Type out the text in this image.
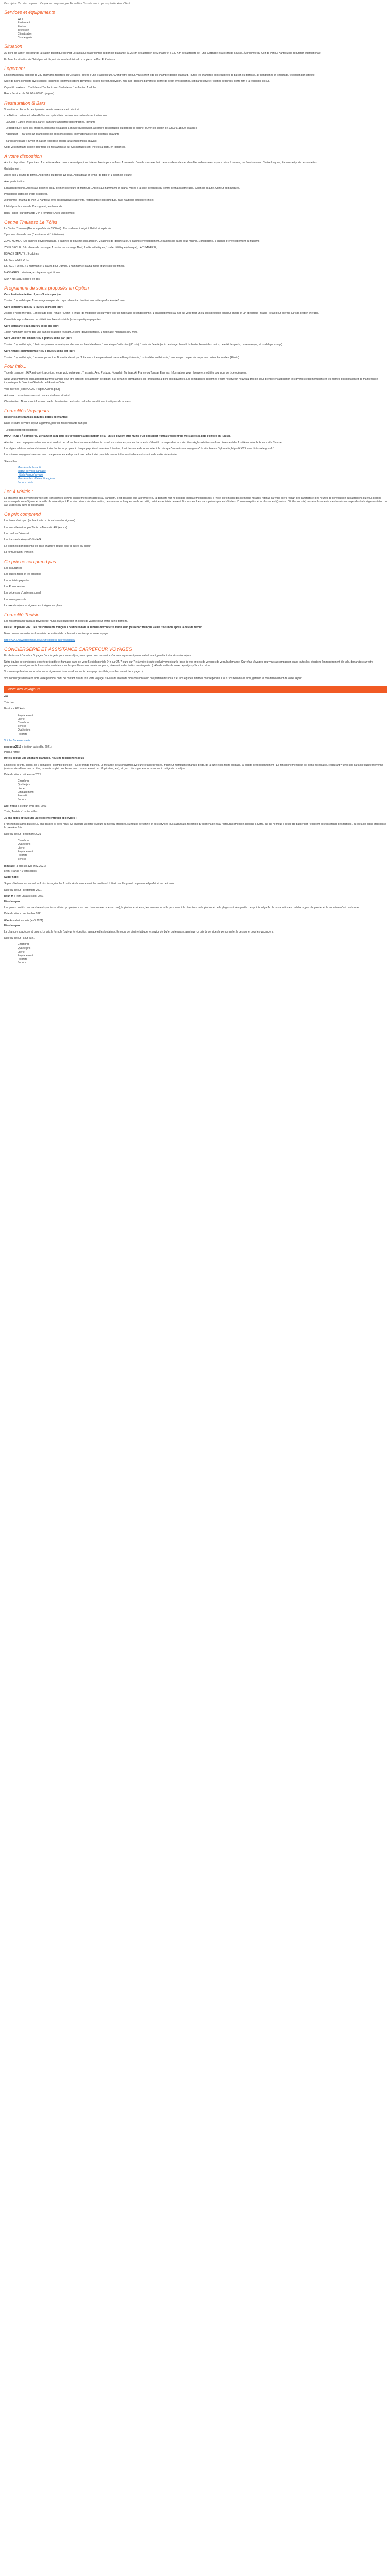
Description Ce prix comprend : Ce prix ne comprend pas Formalités Conseils que Loge hospitalier Avec Client

Services et équipements
• WIFI
• Restaurant
• Piscine
• Télévision
• Climatisation
• Conciergerie
Situation

Au bord de la mer, au cœur de la station touristique de Port El Kantaoui et à proximité du port de plaisance. À 25 Km de l'aéroport de Monastir et à 130 Km de l'aéroport de Tunis Carthage et à 8 Km de Sousse. À proximité du Golf de Port El Kantaoui de réputation internationale.

En face, La situation de l'hôtel permet de jouir de tous les loisirs du complexe de Port El Kantaoui.

Logement

L'hôtel Hasdrubal dispose de 230 chambres réparties sur 3 étages, dotées d'une 2 ascenseurs. Grand votre séjour, vous serez logé en chambre double standard. Toutes les chambres sont équipées de balcon ou terrasse, air conditionné et chauffage, télévision par satellite.

Salle de bains complète avec séchoir, téléphone (communications payantes), accès internet, télévision, mini bar (boissons payantes), coffre de dépôt avec peignoir, set bar réserve et toilettes séparées, coffre fort à la réception en sus.

Capacité maximum : 2 adultes et 2 enfant - ou - 3 adultes et 1 enfant ou 1 adulte

Room Service : de 06h00 à 00h00. (payant)

Restauration & Bars

Vous êtes en Formule demi-pension servie au restaurant principal.

- Le Neliza : restaurant table d'hôtes aux spécialités cuisines internationales et tunisiennes.

- La Gioia : Caffèe shop; si la carte : dans une ambiance décontractée. (payant)

- Le Barbeque : avec ses grillades, poissons et salades à l'heure du déjeuner, à l'ombre des parasols au bord de la piscine; ouvert en saison de 12h00 à 15h00. (payant)

- Hasdrubar : - Bar avec un grand choix de boissons locales, internationales et de cocktails. (payant)

- Bar piscine plage : ouvert en saison : propose divers rafraîchissements. (payant)

Code vestimentaire exigée pour tous les restaurants à sur-Ces horaires sont (notées à partir, en parlance).

A votre disposition

A votre disposition : 2 piscines : 1 extérieure d'eau douce semi-olympique doté un bassin pour enfants, 1 couverte d'eau de mer avec bain remous d'eau de mer chauffée en hiver avec espace bains à remous, un Solarium avec Chaise longues, Parasols et porte de serviettes.

Gratuitement :

Accès aux 3 courts de tennis, Au proche du golf de 13 trous. Au plateaux et tennis de table et 1 salon de lecture.

Avec participation :

Location de tennis. Accès aux piscines d'eau de mer extérieure et intérieure., Accès aux hammams et sauna, Accès à la salle de fitness du centre de thalassothérapie, Salon de beauté, Coiffeur et Boutiques.

Principales cartes de crédit acceptées.

A proximité : marina de Port El Kantaoui avec ses boutiques superette, restaurants et discothèque, Base nautique extérieure l'hôtel.

L'hôtel pour le moins de 2 ans gratuit, au demande

Baby - sitter : sur demande 24h à l'avance ; Avec Supplément

Centre Thalasso Le Tôlès

Le Centre Thalasso (D'une superficie de 1500 m²) offre moderne, intégré à l'hôtel, équipée de :

2 piscines d'eau de mer (1 extérieure et 1 intérieure).

ZONE HUMIDE : 25 cabines d'hydromassage, 5 cabines de douche sous affusion, 2 cabines de douche à jet, 6 cabines enveloppement, 2 cabines de bains sous marine, 1 phlebotime, 5 cabines d'enveloppement au fluinsmo.

ZONE SECHE : 16 cabines de massage, 1 cabine de massage Thaï, 1 salle esthétiques, 1 salle diététique(ethnique), LA TISANERIE,

ESPACE BEAUTE : 9 cabines.

ESPACE COIFFURE.

ESPACE FORME : 1 hammam et 1 sauna pour Dames, 1 hammam et sauna mixte et une salle de fitness.

MASSAGES : orientaux, exotiques et spécifiques.

SPA HYDRATE: sodiq's en dos.

Programme de soins proposés en Option

Cure Revitalisante 6 ou 5 jours/5 soins par jour :

2 soins d'hydrothérapie, 1 modelage complet du corps relaxant au tonifiant aux huiles parfumées (40 min).

Cure Minceur 6 ou 5 ou 5 jours/5 soins par jour :

2 soins d'hydro-thérapie, 1 modelage péri - rénale (40 min) à l'huile de modelage fait sur votre tour un modelage décongestionnel, 1 enveloppement au Bar sur votre tour un ou soit spécifique Minceur Thelge et un spécifique - tracer - relax pour alternel sur spa gestion thérapie.

Consultation possible avec sa diététicien, bien et suivi de (extras) pratique (payante).

Cure Marsilane 4 ou 5 jours/5 soins par jour :

1 bain Hammam alterné par une bain de drainage relaxant, 2 soins d'hydrothérapie, 1 modelage mondanes (60 min).

Cure Emotion au Féminin 4 ou 6 jours/5 soins par jour :

2 soins d'hydro-thérapie, 1 bain aux plantes aromatiques alternant un bain Mandinas, 1 modelage Californien (60 min), 1 soin du Beauté (soin de visage, beauté du buste, beauté des mains, beauté des pieds, pose masque, et modelage visage).

Cure Arthro-Rheumatismale 4 ou 6 jours/5 soins par jour :

2 soins d'hydro-thérapie, 1 enveloppement au Bouturia alterné par 1 Paumenz thérapie alterné par une Fangothérapie, 1 soin d'électro-thérapie, 1 modelage complet du corps aux Huiles Parfumées (40 min).

Pour info...

Type de transport : IATA est opéré, à ce jour, le cas voici opéré par : Transavia, Aero Portugal, Nouvelair, Tunisair, Air France ou Tunisair Express. Informations vous réserve et modifiés pour pour ce type opérateur.

Nous vous informons qu'il aéroport d'arrivée à Paris peut être différent de l'aéroport de départ. Sur certaines compagnies, les prestations à bord sont payantes. Les compagnies aériennes s'étant réservé un nouveau droit de sous prendre en application les diverses réglementations et les normes d'exploitation et de maintenance imposée par la Direction Générale de l'Aviation Civile.

Vols internes ( code OGAC : 46phXXXorea pour)

Animaux : Les animaux ne sont pas admis dans cet hôtel.

Climatisation : Nous vous informons que la climatisation peut selon selon les conditions climatiques du moment.

Formalités Voyageurs

Ressortissants français (adultes, bébés et enfants) :

Dans le cadre de votre séjour la gamme, pour les ressortissants français :

- Le passeport est obligatoire.

IMPORTANT : À compter du 1er janvier 2021 tous les voyageurs à destination de la Tunisie devront être munis d'un passeport français valide trois mois après la date d'entrée en Tunisie.

Attention : les compagnies aériennes sont en droit de refuser l'embarquement dans le cas où vous n'auriez pas les documents d'identité correspondant aux dernières règles relatives au franchissement des frontières entre la France et la Tunisie.

Les règles relatives au franchissement des frontières propres à chaque pays étant amenées à évoluer, il est demandé de se reporter à la rubrique "conseils aux voyageurs" du site France Diplomatie, https://XXXX.www.diplomatie.gouv.fr/

Les mineurs voyageant seuls ou avec une personne ne disposant pas de l'autorité parentale devront être munis d'une autorisation de sortie de territoire.

Sites utiles :

• Ministère de la santé
• Institut de veille sanitaire
• Hôtels France Voyage
• Ministère des affaires étrangères
• Service public
Les 4 vérités :

La présente et la dernière journée sont considérées comme entièrement consacrées au transport. Il est possible que la première ou la dernière nuit ne soit pas intégralement passées à l'hôtel en fonction des créneaux horaires retenus par vols allers-retour, des transferts et des heures de convocation aux aéroports qui vous seront communiqués entre 5 jours et la veille de votre départ. Pour des raisons de sécurisation, des raisons techniques ou de sécurité, certaines activités peuvent être suspendues, sans préavis par les hôteliers. L'hommologation et le classement (nombre d'étoiles ou note) des établissements mentionnés correspondent à la réglementation ou aux usages du pays de destination.

Ce prix comprend

Les taxes d'aéroport (incluant la taxe pic carburant obligatoire)

Les vols aller/retour par Tunis ou Monastir. A/R (en vol)

L'accueil en l'aéroport

Les transferts aéroport/hôtel A/R

Le logement par personne en base chambre double pour la durée du séjour

La formule Demi-Pension

Ce prix ne comprend pas

Les assurances

Les autres repas et les boissons

Les activités payantes

Les Room service

Les dépenses d'ordre personnel

Les soins proposés

La taxe de séjour en vigueur, est à régler sur place

Formalité Tunisie

Les ressortissants français doivent être munis d'un passeport en cours de validité pour entrer sur le territoire.

Dès le 1er janvier 2021, les ressortissants français à destination de la Tunisie devront être munis d'un passeport français valide trois mois après la date de retour.

Nous pouvez consulter les formalités de sortie et de police est soumises pour votre voyage :

http://XXXX.www.diplomatie.gouv.fr/fr/conseils-aux-voyageurs/

CONCIERGERIE ET ASSISTANCE CARREFOUR VOYAGES

En choisissant Carrefour Voyages Conciergerie pour votre séjour, vous optez pour un service d'accompagnement personnalisé avant, pendant et après votre séjour.

Notre équipe de concierges, experte précipitée et humaine dans de votre 5 est disponible 24h sur 24, 7 jours sur 7 et à votre écoute exclusivement sur le base de vos projets de voyages de votre/la demande. Carrefour Voyages pour vous accompagner, dans toutes les situations (enregistrement de vols, demandes sur votre programme, renseignements & conseils, assistance sur les problèmes rencontrés sur place, réservation d'activités, conciergerie...). Afin de veiller de votre départ jusqu'à votre retour.

Vos votre application, vous retrouverez également tous vos documents de voyage (e-billets, voucher, carnet de voyage...).

Vos concierges devraient alors votre principal point de contact durant tout votre voyage, travaillant en étroite collaboration avec nos partenaires locaux et nos équipes internes pour répondre à tous vos besoins et ainsi, garantir le bon déroulement de votre séjour.

Note des voyageurs

4,6

Très bon

Basé sur 497 Avis

• Emplacement
• Literie
• Chambres
• Service
• Qualité/prix
• Propreté

Voir les 5 derniers avis

rosegour2015 a écrit un avis (déc. 2021)

Paris, France

Hôtels depuis une vingtaine d'années, nous ne recherchons plus !

L'hôtel est décrite, séjour, de 2 semaines ; exemple petit déj + jus d'orange fraiches. Le mélange de jus industriel avec une orange pressée, fraîcheur manquante marque petits, de la lune et les fours du glacé, la qualité de fonctionnement ! Le fonctionnement peut est donc nécessaire, restaurant = avec une garantie qualité moyenne (ambres des dîners de cocottes, un vrai complet une bonne avec concernement du réfrigérateur, etc), etc, etc. Nous garderons un souvenir mitigé de ce séjour.

Date du séjour : décembre 2021

• Chambres
• Qualité/prix
• Literie
• Emplacement
• Propreté
• Service

adel hydra a écrit un avis (déc. 2021)

Tunis, Tunisie • 1 votes utiles

30 ans après et toujours un excellent entretien et services !

Franchement après plus de 30 ans passés ici avec nous. Ça toujours un hôtel toujours au niveau proposés, surtout le personnel et ses services tous autant à la réception qu'au ménage et au restaurant (mention spéciale à Sami, qui qui ne nous a cessé de passer par l'excellent des tisserands des tartines), au-delà de plaisir trop passé la première fois.

Date du séjour : décembre 2021

• Chambres
• Qualité/prix
• Literie
• Emplacement
• Propreté
• Service

mmirabel a écrit un avis (nov. 2021)

Lyon, France • 1 votes utiles

Super hôtel

Super hôtel avec un accueil au fruits, les agréables 2 nuits très bonne accueil les meilleurs! Il était bon. Un grand du personnel parfait et au petit soin.

Date du séjour : septembre 2021

Ryan M a écrit un avis (sept. 2021)

Hôtel moyen

Les points positifs : la chambre est spacieuse et bien propre (on a eu une chambre avec vue sur mer), la piscine extérieure, les animateurs et le personnel à la réception, de la piscine et de la plage sont très gentils. Les points négatifs : la restauration est médiocre, pas de paletter et la nourriture n'est pas bonne.

Date du séjour : septembre 2021

tifamin a écrit un avis (août 2021)

Hôtel moyen

La chambre spacieuse et propre. Le prix la formule (qui vue le réception, la plage et les fontaines. En cours de piscine fait que le service de buffet ou terrasse, ainsi que ce prix de services le personnel et le personnel pour les vacanciers.

Date du séjour : août 2021

• Chambres
• Qualité/prix
• Literie
• Emplacement
• Propreté
• Service
